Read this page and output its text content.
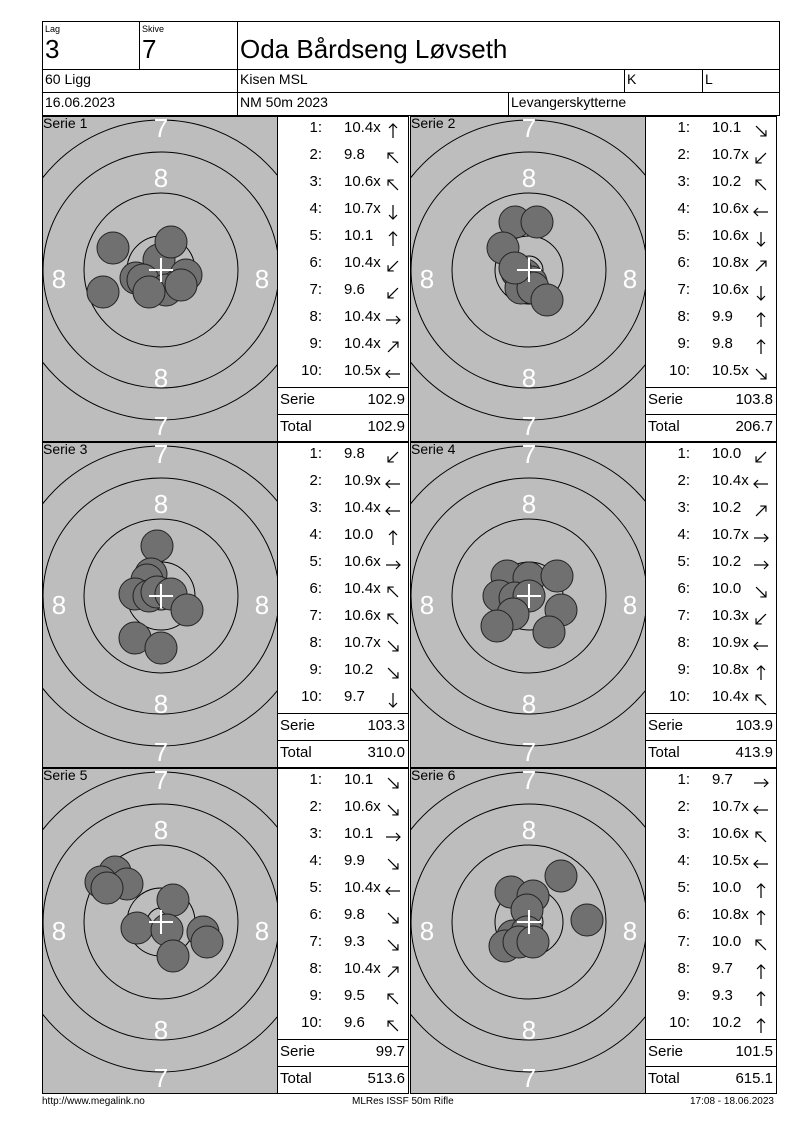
Lag
3
Skive
7	Oda Bårdseng Løvseth
60 Ligg	Kisen MSL	K	L
16.06.2023	NM 50m 2023	Levangerskytterne
Serie 1	7
8
8
7
8	8
1: 10.4x
2: 9.8
3: 10.6x
4: 10.7x
5: 10.1
6: 10.4x
7: 9.6
8: 10.4x
9: 10.4x
10: 10.5x
Serie	102.9
Total	102.9
Serie 2	7
8
8
7
8	8
1: 10.1
2: 10.7x
3: 10.2
4: 10.6x
5: 10.6x
6: 10.8x
7: 10.6x
8: 9.9
9: 9.8
10: 10.5x
Serie	103.8
Total	206.7
Serie 3	7
8
8
7
8	8
1: 9.8
2: 10.9x
3: 10.4x
4: 10.0
5: 10.6x
6: 10.4x
7: 10.6x
8: 10.7x
9: 10.2
10: 9.7
Serie	103.3
Total	310.0
Serie 4	7
8
8
7
8	8
1: 10.0
2: 10.4x
3: 10.2
4: 10.7x
5: 10.2
6: 10.0
7: 10.3x
8: 10.9x
9: 10.8x
10: 10.4x
Serie	103.9
Total	413.9
Serie 5	7
8
8
7
8	8
1: 10.1
2: 10.6x
3: 10.1
4: 9.9
5: 10.4x
6: 9.8
7: 9.3
8: 10.4x
9: 9.5
10: 9.6
Serie	99.7
Total	513.6
Serie 6	7
8
8
7
8	8
1: 9.7
2: 10.7x
3: 10.6x
4: 10.5x
5: 10.0
6: 10.8x
7: 10.0
8: 9.7
9: 9.3
10: 10.2
Serie	101.5
Total	615.1
http://www.megalink.no	MLRes ISSF 50m Rifle	17:08 - 18.06.2023
